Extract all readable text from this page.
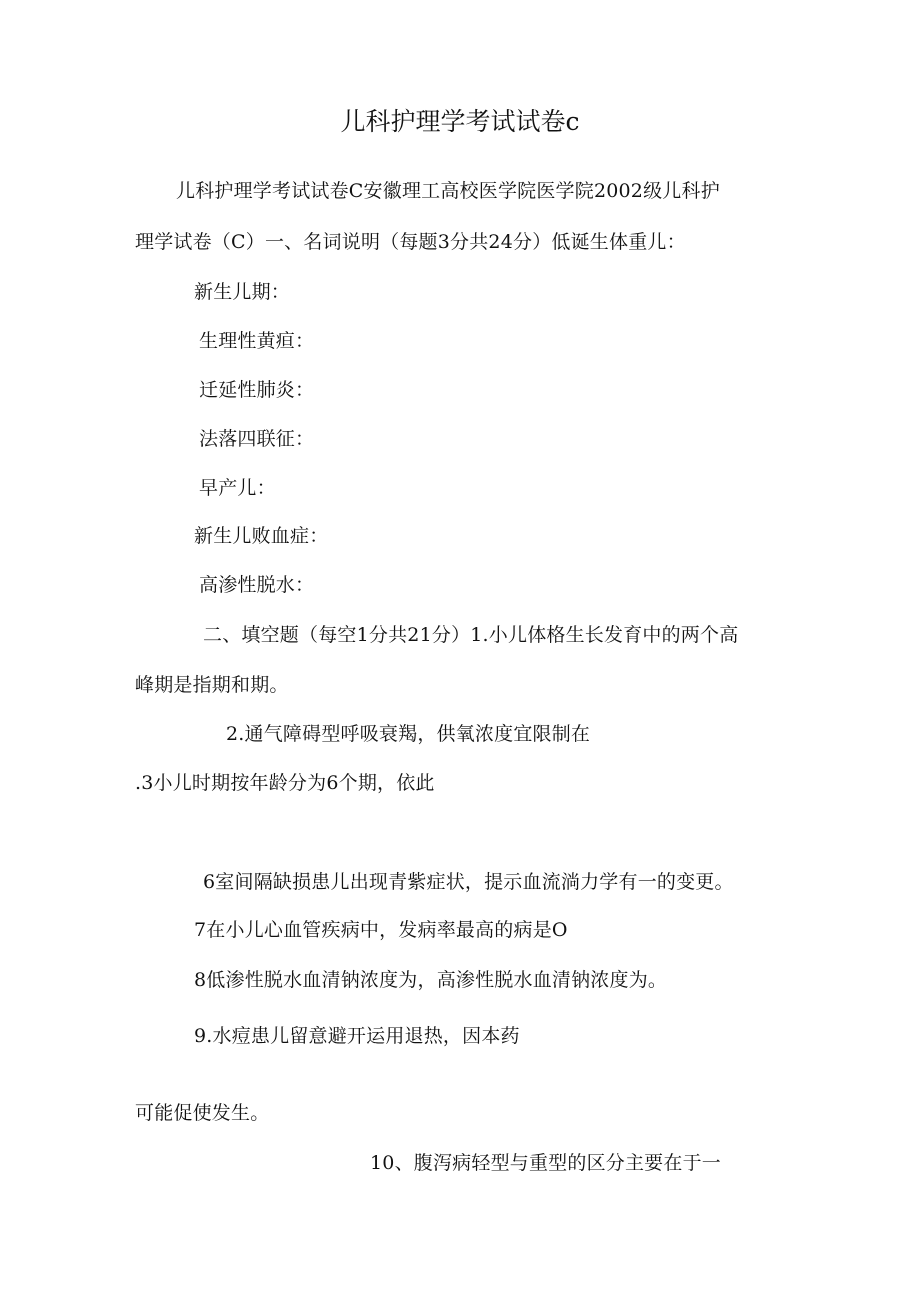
儿科护理学考试试卷c
儿科护理学考试试卷C安徽理工高校医学院医学院2002级儿科护
理学试卷（C）一、名词说明（每题3分共24分）低诞生体重儿：
新生儿期：
生理性黄疸：
迁延性肺炎：
法落四联征：
早产儿：
新生儿败血症：
高渗性脱水：
二、填空题（每空1分共21分）1.小儿体格生长发育中的两个高
峰期是指期和期。
2.通气障碍型呼吸衰羯，供氧浓度宜限制在
.3小儿时期按年龄分为6个期，依此
6室间隔缺损患儿出现青紫症状，提示血流淌力学有一的变更。
7在小儿心血管疾病中，发病率最高的病是O
8低渗性脱水血清钠浓度为，高渗性脱水血清钠浓度为。
9.水痘患儿留意避开运用退热，因本药
可能促使发生。
10、腹泻病轻型与重型的区分主要在于一
